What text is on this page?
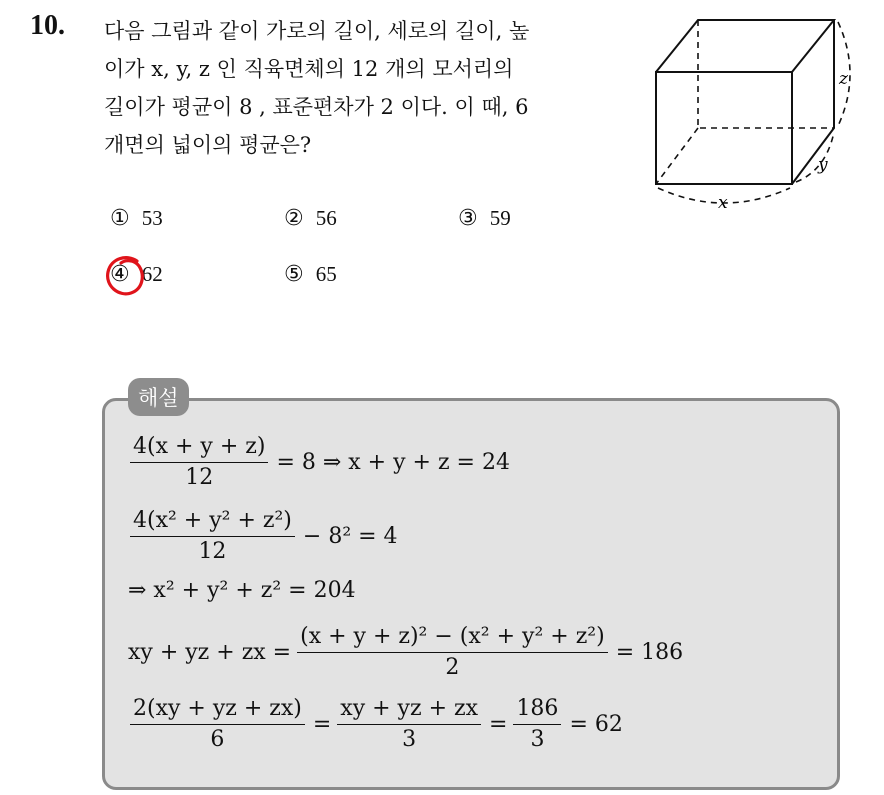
10. 다음 그림과 같이 가로의 길이, 세로의 길이, 높
이가 x, y, z 인 직육면체의 12 개의 모서리의
길이가 평균이 8 , 표준편차가 2 이다. 이 때, 6
개면의 넓이의 평균은?
x
y
z
① 53	② 56	③ 59
④ 62	⑤ 65
해설
$\frac{4(x + y + z)}{12} = 8$ ⇒ x + y + z = 24
$\frac{\text{4(x² + y² + z²)}}{12} - 8^2 = 4$
⇒ x² + y² + z² = 204
xy + yz + zx = $\frac{\text{(x + y + z)² − (x² + y² + z²)}}{2} = 186$
$\frac{2(xy + yz + zx)}{6} = \frac{xy + yz + zx}{3} = \frac{186}{3} = 62$
